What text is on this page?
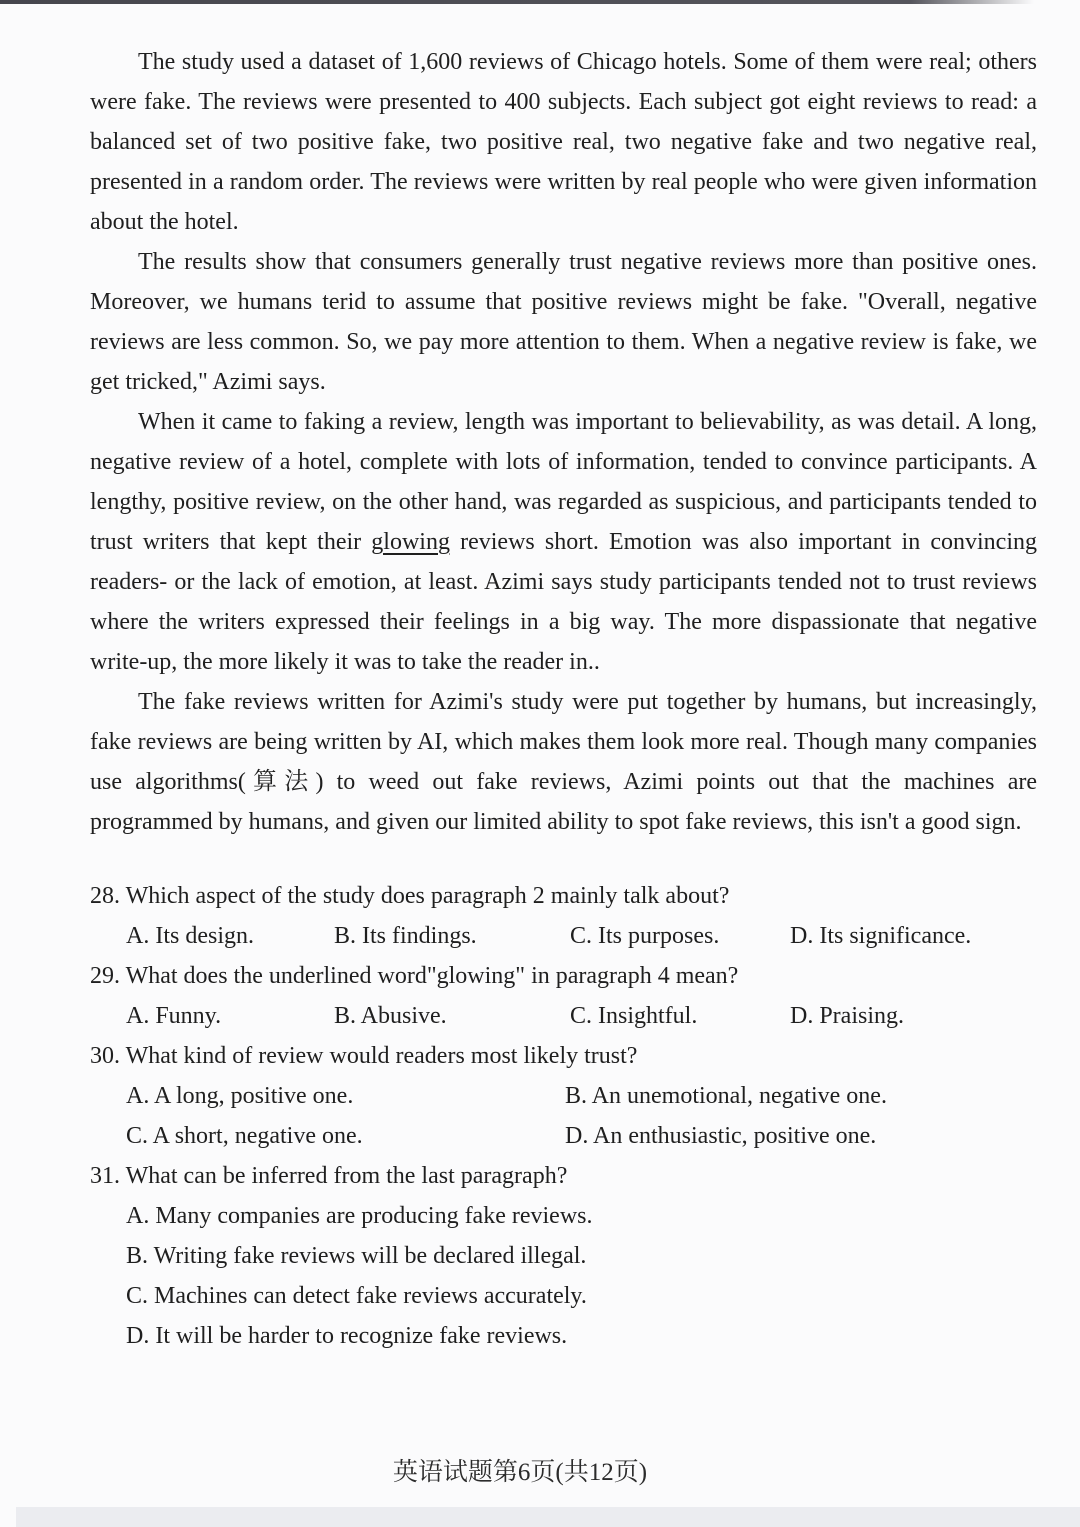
The study used a dataset of 1,600 reviews of Chicago hotels. Some of them were real; others were fake. The reviews were presented to 400 subjects. Each subject got eight reviews to read: a balanced set of two positive fake, two positive real, two negative fake and two negative real, presented in a random order. The reviews were written by real people who were given information about the hotel.

The results show that consumers generally trust negative reviews more than positive ones. Moreover, we humans terid to assume that positive reviews might be fake. "Overall, negative reviews are less common. So, we pay more attention to them. When a negative review is fake, we get tricked," Azimi says.

When it came to faking a review, length was important to believability, as was detail. A long, negative review of a hotel, complete with lots of information, tended to convince participants. A lengthy, positive review, on the other hand, was regarded as suspicious, and participants tended to trust writers that kept their glowing reviews short. Emotion was also important in convincing readers- or the lack of emotion, at least. Azimi says study participants tended not to trust reviews where the writers expressed their feelings in a big way. The more dispassionate that negative write-up, the more likely it was to take the reader in..

The fake reviews written for Azimi's study were put together by humans, but increasingly, fake reviews are being written by AI, which makes them look more real. Though many companies use algorithms(算法) to weed out fake reviews, Azimi points out that the machines are programmed by humans, and given our limited ability to spot fake reviews, this isn't a good sign.

28. Which aspect of the study does paragraph 2 mainly talk about?
A. Its design.	B. Its findings.	C. Its purposes.	D. Its significance.
29. What does the underlined word"glowing" in paragraph 4 mean?
A. Funny.	B. Abusive.	C. Insightful.	D. Praising.
30. What kind of review would readers most likely trust?
A. A long, positive one.	B. An unemotional, negative one.
C. A short, negative one.	D. An enthusiastic, positive one.
31. What can be inferred from the last paragraph?
A. Many companies are producing fake reviews.
B. Writing fake reviews will be declared illegal.
C. Machines can detect fake reviews accurately.
D. It will be harder to recognize fake reviews.
英语试题第6页(共12页)
